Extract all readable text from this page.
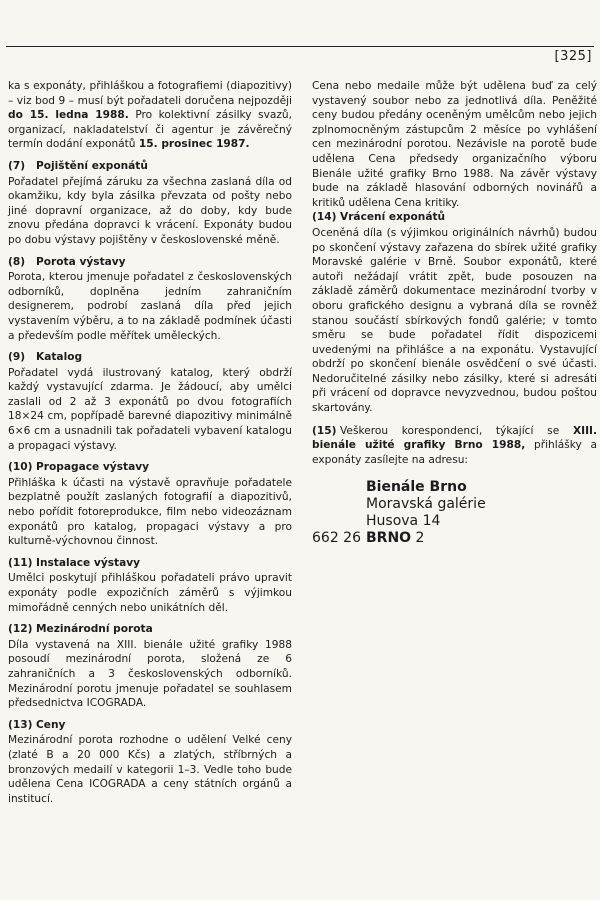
[325]

ka s exponáty, přihláškou a fotografiemi (diapozitivy) – viz bod 9 – musí být pořadateli doručena nejpozději do 15. ledna 1988. Pro kolektivní zásilky svazů, organizací, nakladatelství či agentur je závěrečný termín dodání exponátů 15. prosinec 1987.

(7) Pojištění exponátů

Pořadatel přejímá záruku za všechna zaslaná díla od okamžiku, kdy byla zásilka převzata od pošty nebo jiné dopravní organizace, až do doby, kdy bude znovu předána dopravci k vrácení. Exponáty budou po dobu výstavy pojištěny v československé měně.

(8) Porota výstavy

Porota, kterou jmenuje pořadatel z československých odborníků, doplněna jedním zahraničním designerem, podrobí zaslaná díla před jejich vystavením výběru, a to na základě podmínek účasti a především podle měřítek uměleckých.

(9) Katalog

Pořadatel vydá ilustrovaný katalog, který obdrží každý vystavující zdarma. Je žádoucí, aby umělci zaslali od 2 až 3 exponátů po dvou fotografiích 18×24 cm, popřípadě barevné diapozitivy minimálně 6×6 cm a usnadnili tak pořadateli vybavení katalogu a propagaci výstavy.

(10) Propagace výstavy

Přihláška k účasti na výstavě opravňuje pořadatele bezplatně použít zaslaných fotografií a diapozitivů, nebo pořídit fotoreprodukce, film nebo videozáznam exponátů pro katalog, propagaci výstavy a pro kulturně-výchovnou činnost.

(11) Instalace výstavy

Umělci poskytují přihláškou pořadateli právo upravit exponáty podle expozičních záměrů s výjimkou mimořádně cenných nebo unikátních děl.

(12) Mezinárodní porota

Díla vystavená na XIII. bienále užité grafiky 1988 posoudí mezinárodní porota, složená ze 6 zahraničních a 3 československých odborníků. Mezinárodní porotu jmenuje pořadatel se souhlasem předsednictva ICOGRADA.

(13) Ceny

Mezinárodní porota rozhodne o udělení Velké ceny (zlaté B a 20 000 Kčs) a zlatých, stříbrných a bronzových medailí v kategorii 1–3. Vedle toho bude udělena Cena ICOGRADA a ceny státních orgánů a institucí.

Cena nebo medaile může být udělena buď za celý vystavený soubor nebo za jednotlivá díla. Peněžité ceny budou předány oceněným umělcům nebo jejich zplnomocněným zástupcům 2 měsíce po vyhlášení cen mezinárodní porotou. Nezávisle na porotě bude udělena Cena předsedy organizačního výboru Bienále užité grafiky Brno 1988. Na závěr výstavy bude na základě hlasování odborných novinářů a kritiků udělena Cena kritiky.

(14) Vrácení exponátů

Oceněná díla (s výjimkou originálních návrhů) budou po skončení výstavy zařazena do sbírek užité grafiky Moravské galérie v Brně. Soubor exponátů, které autoři nežádají vrátit zpět, bude posouzen na základě záměrů dokumentace mezinárodní tvorby v oboru grafického designu a vybraná díla se rovněž stanou součástí sbírkových fondů galérie; v tomto směru se bude pořadatel řídit dispozicemi uvedenými na přihlášce a na exponátu. Vystavující obdrží po skončení bienále osvědčení o své účasti. Nedoručitelné zásilky nebo zásilky, které si adresáti při vrácení od dopravce nevyzvednou, budou poštou skartovány.

(15) Veškerou korespondenci, týkající se XIII. bienále užité grafiky Brno 1988, přihlášky a exponáty zasílejte na adresu:

Bienále Brno
Moravská galérie
Husova 14
662 26 BRNO 2
